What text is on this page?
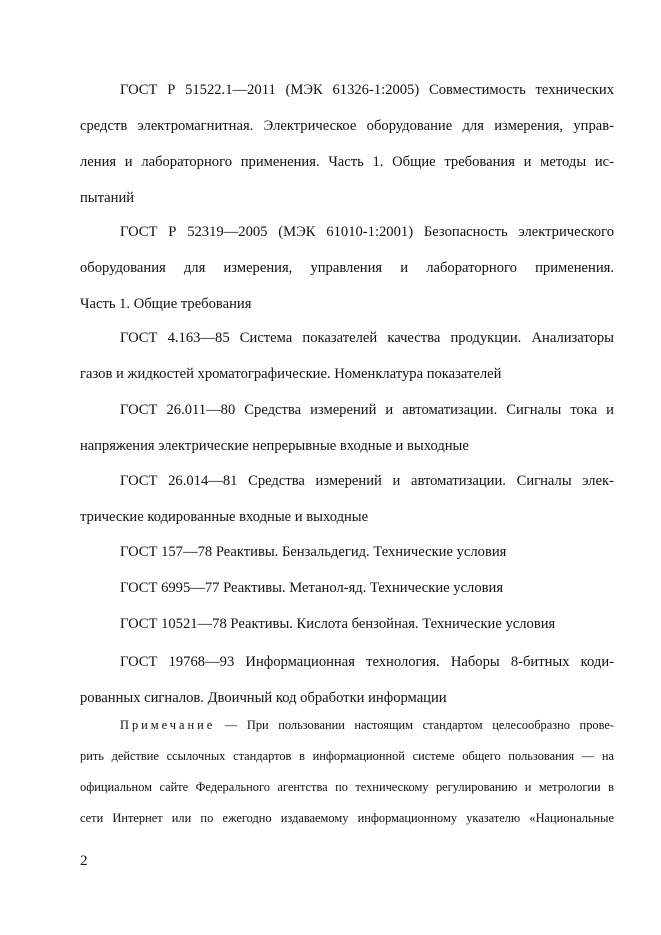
ГОСТ Р 51522.1—2011 (МЭК 61326-1:2005) Совместимость технических
средств электромагнитная. Электрическое оборудование для измерения, управ-
ления и лабораторного применения. Часть 1. Общие требования и методы ис-
пытаний
ГОСТ Р 52319—2005 (МЭК 61010-1:2001) Безопасность электрического
оборудования для измерения, управления и лабораторного применения.
Часть 1. Общие требования
ГОСТ 4.163—85 Система показателей качества продукции. Анализаторы
газов и жидкостей хроматографические. Номенклатура показателей
ГОСТ 26.011—80 Средства измерений и автоматизации. Сигналы тока и
напряжения электрические непрерывные входные и выходные
ГОСТ 26.014—81 Средства измерений и автоматизации. Сигналы элек-
трические кодированные входные и выходные
ГОСТ 157—78 Реактивы. Бензальдегид. Технические условия
ГОСТ 6995—77 Реактивы. Метанол-яд. Технические условия
ГОСТ 10521—78 Реактивы. Кислота бензойная. Технические условия
ГОСТ 19768—93 Информационная технология. Наборы 8-битных коди-
рованных сигналов. Двоичный код обработки информации
Примечание — При пользовании настоящим стандартом целесообразно прове-
рить действие ссылочных стандартов в информационной системе общего пользования — на
официальном сайте Федерального агентства по техническому регулированию и метрологии в
сети Интернет или по ежегодно издаваемому информационному указателю «Национальные
2
